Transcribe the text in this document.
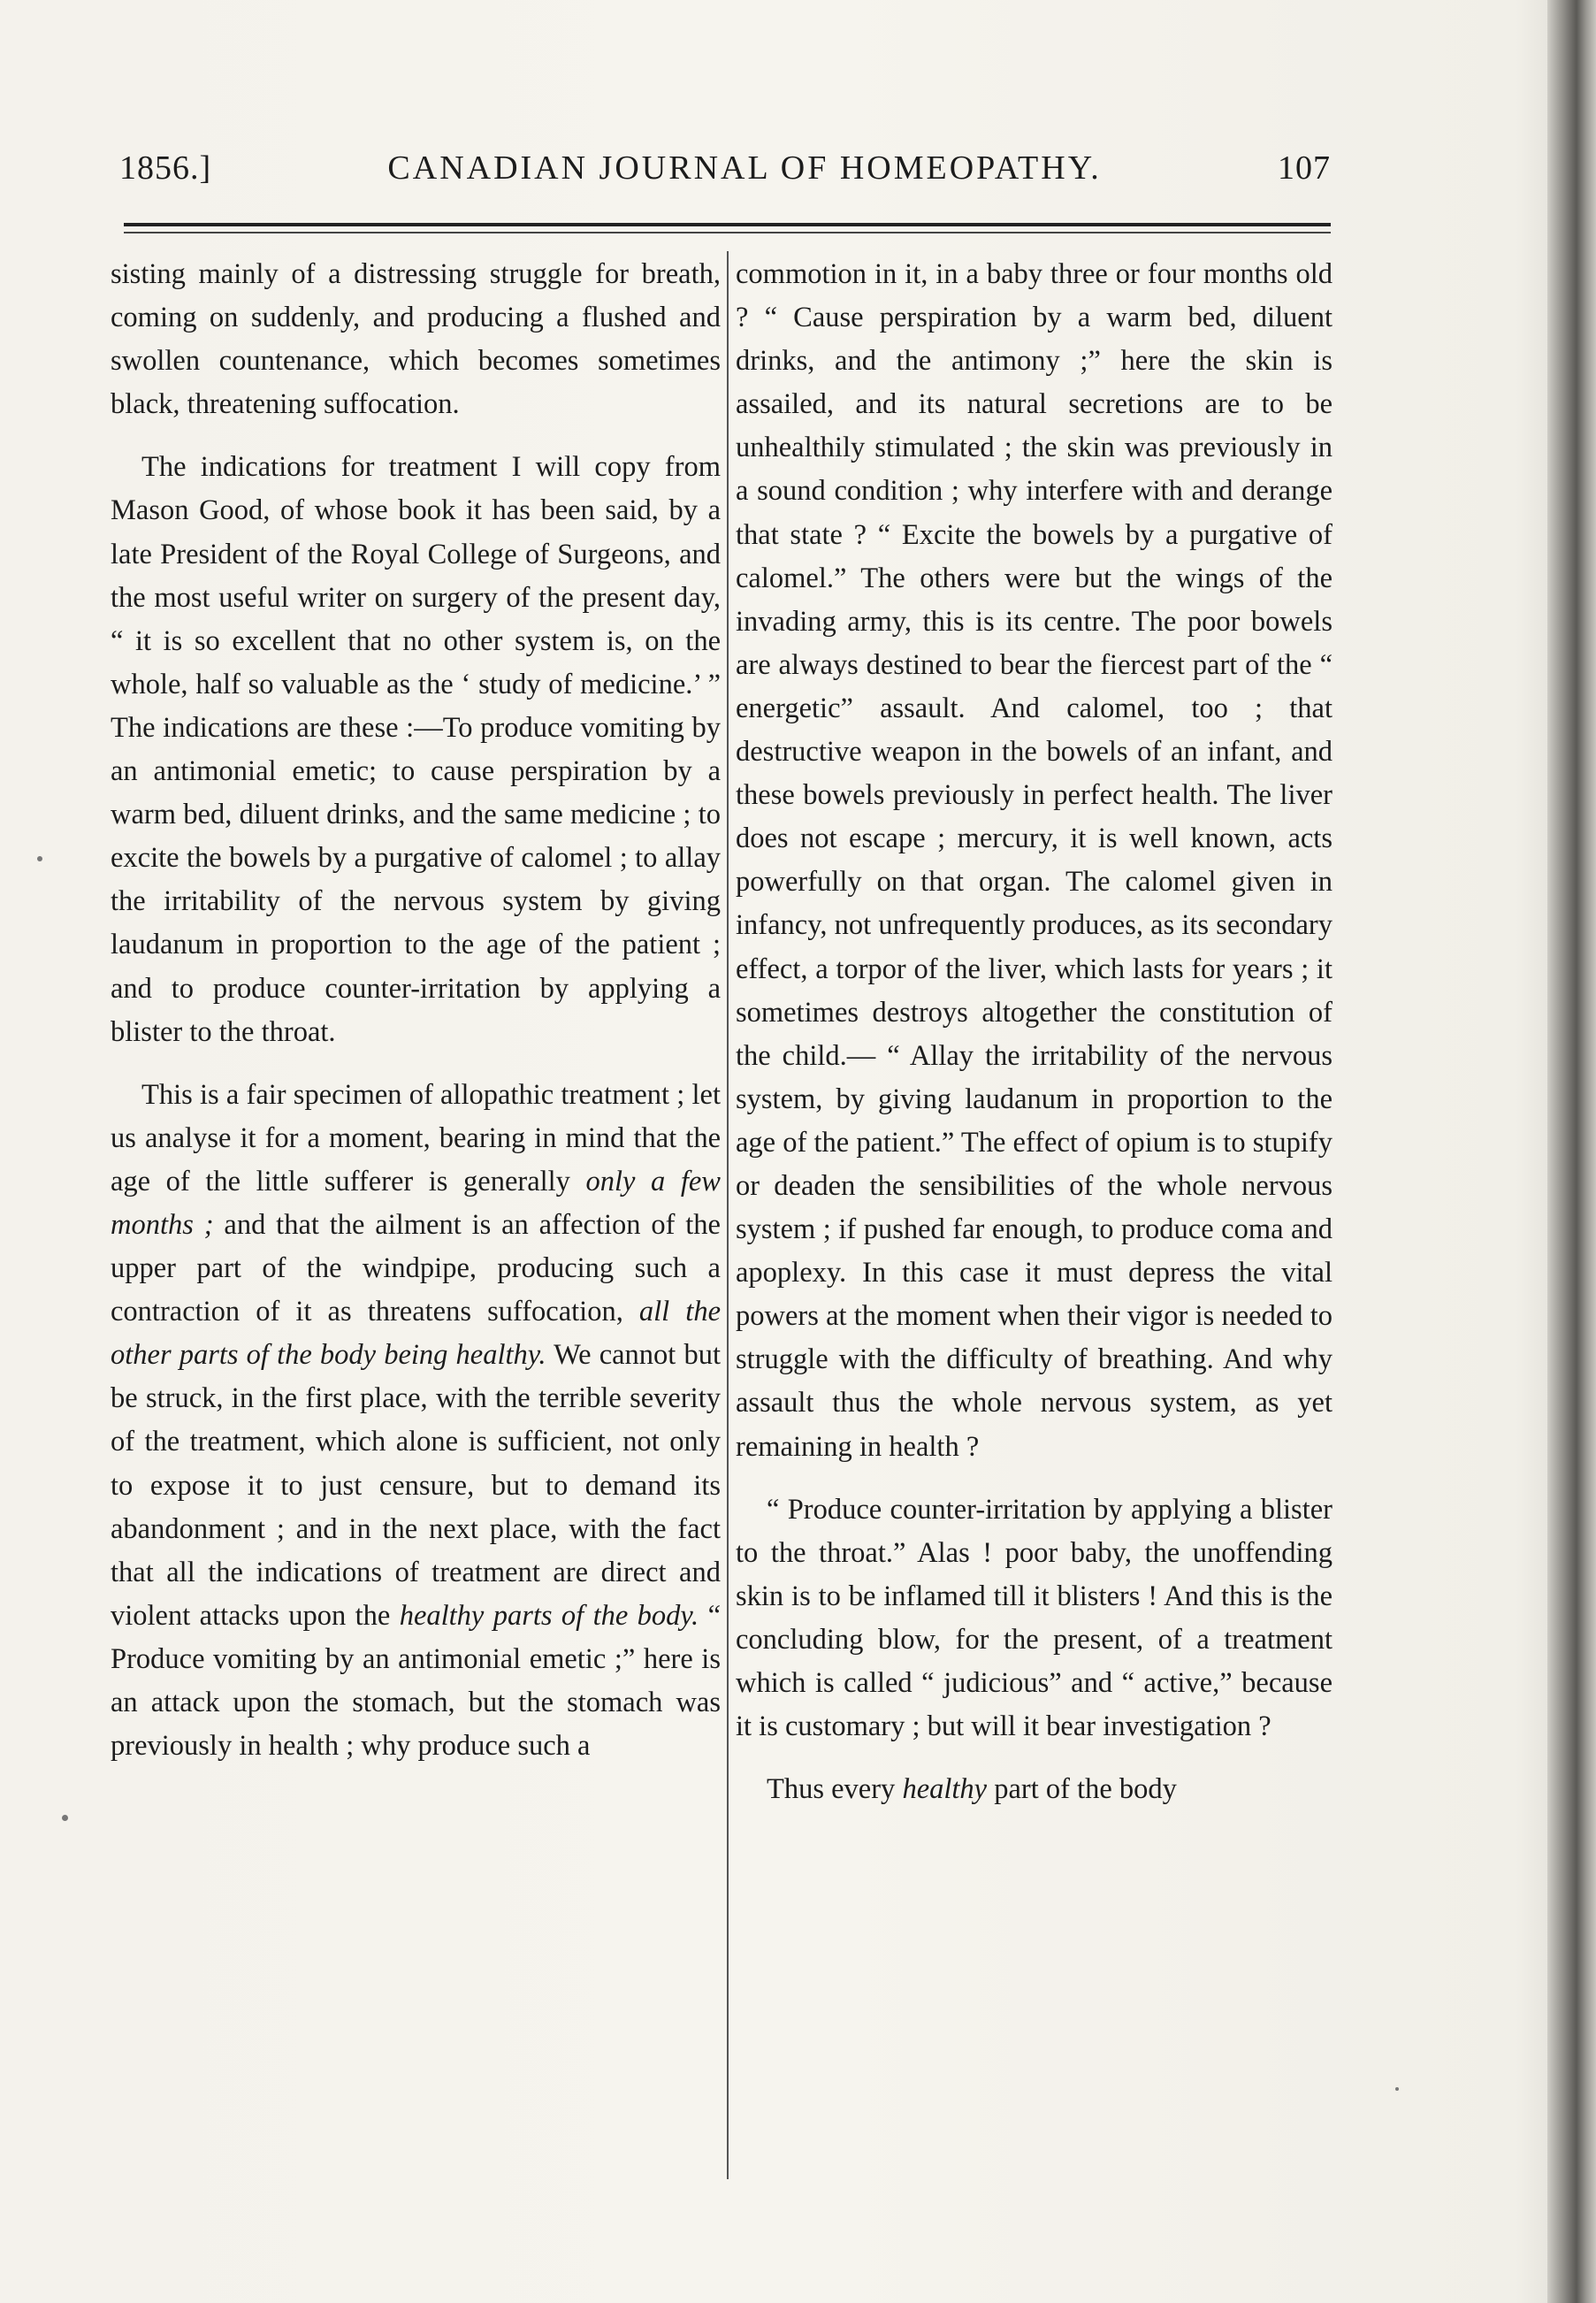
1856.]	CANADIAN JOURNAL OF HOMEOPATHY.	107

sisting mainly of a distressing struggle for breath, coming on suddenly, and producing a flushed and swollen countenance, which becomes sometimes black, threatening suffocation.

The indications for treatment I will copy from Mason Good, of whose book it has been said, by a late President of the Royal College of Surgeons, and the most useful writer on surgery of the present day, “ it is so excellent that no other system is, on the whole, half so valuable as the ‘ study of medicine.’ ” The indications are these :—To produce vomiting by an antimonial emetic; to cause perspiration by a warm bed, diluent drinks, and the same medicine ; to excite the bowels by a purgative of calomel ; to allay the irritability of the nervous system by giving laudanum in proportion to the age of the patient ; and to produce counter-irritation by applying a blister to the throat.

This is a fair specimen of allopathic treatment ; let us analyse it for a moment, bearing in mind that the age of the little sufferer is generally only a few months ; and that the ailment is an affection of the upper part of the windpipe, producing such a contraction of it as threatens suffocation, all the other parts of the body being healthy. We cannot but be struck, in the first place, with the terrible severity of the treatment, which alone is sufficient, not only to expose it to just censure, but to demand its abandonment ; and in the next place, with the fact that all the indications of treatment are direct and violent attacks upon the healthy parts of the body. “ Produce vomiting by an antimonial emetic ;” here is an attack upon the stomach, but the stomach was previously in health ; why produce such a

commotion in it, in a baby three or four months old ? “ Cause perspiration by a warm bed, diluent drinks, and the antimony ;” here the skin is assailed, and its natural secretions are to be unhealthily stimulated ; the skin was previously in a sound condition ; why interfere with and derange that state ? “ Excite the bowels by a purgative of calomel.” The others were but the wings of the invading army, this is its centre. The poor bowels are always destined to bear the fiercest part of the “ energetic” assault. And calomel, too ; that destructive weapon in the bowels of an infant, and these bowels previously in perfect health. The liver does not escape ; mercury, it is well known, acts powerfully on that organ. The calomel given in infancy, not unfrequently produces, as its secondary effect, a torpor of the liver, which lasts for years ; it sometimes destroys altogether the constitution of the child.— “ Allay the irritability of the nervous system, by giving laudanum in proportion to the age of the patient.” The effect of opium is to stupify or deaden the sensibilities of the whole nervous system ; if pushed far enough, to produce coma and apoplexy. In this case it must depress the vital powers at the moment when their vigor is needed to struggle with the difficulty of breathing. And why assault thus the whole nervous system, as yet remaining in health ?

“ Produce counter-irritation by applying a blister to the throat.” Alas ! poor baby, the unoffending skin is to be inflamed till it blisters ! And this is the concluding blow, for the present, of a treatment which is called “ judicious” and “ active,” because it is customary ; but will it bear investigation ?

Thus every healthy part of the body
